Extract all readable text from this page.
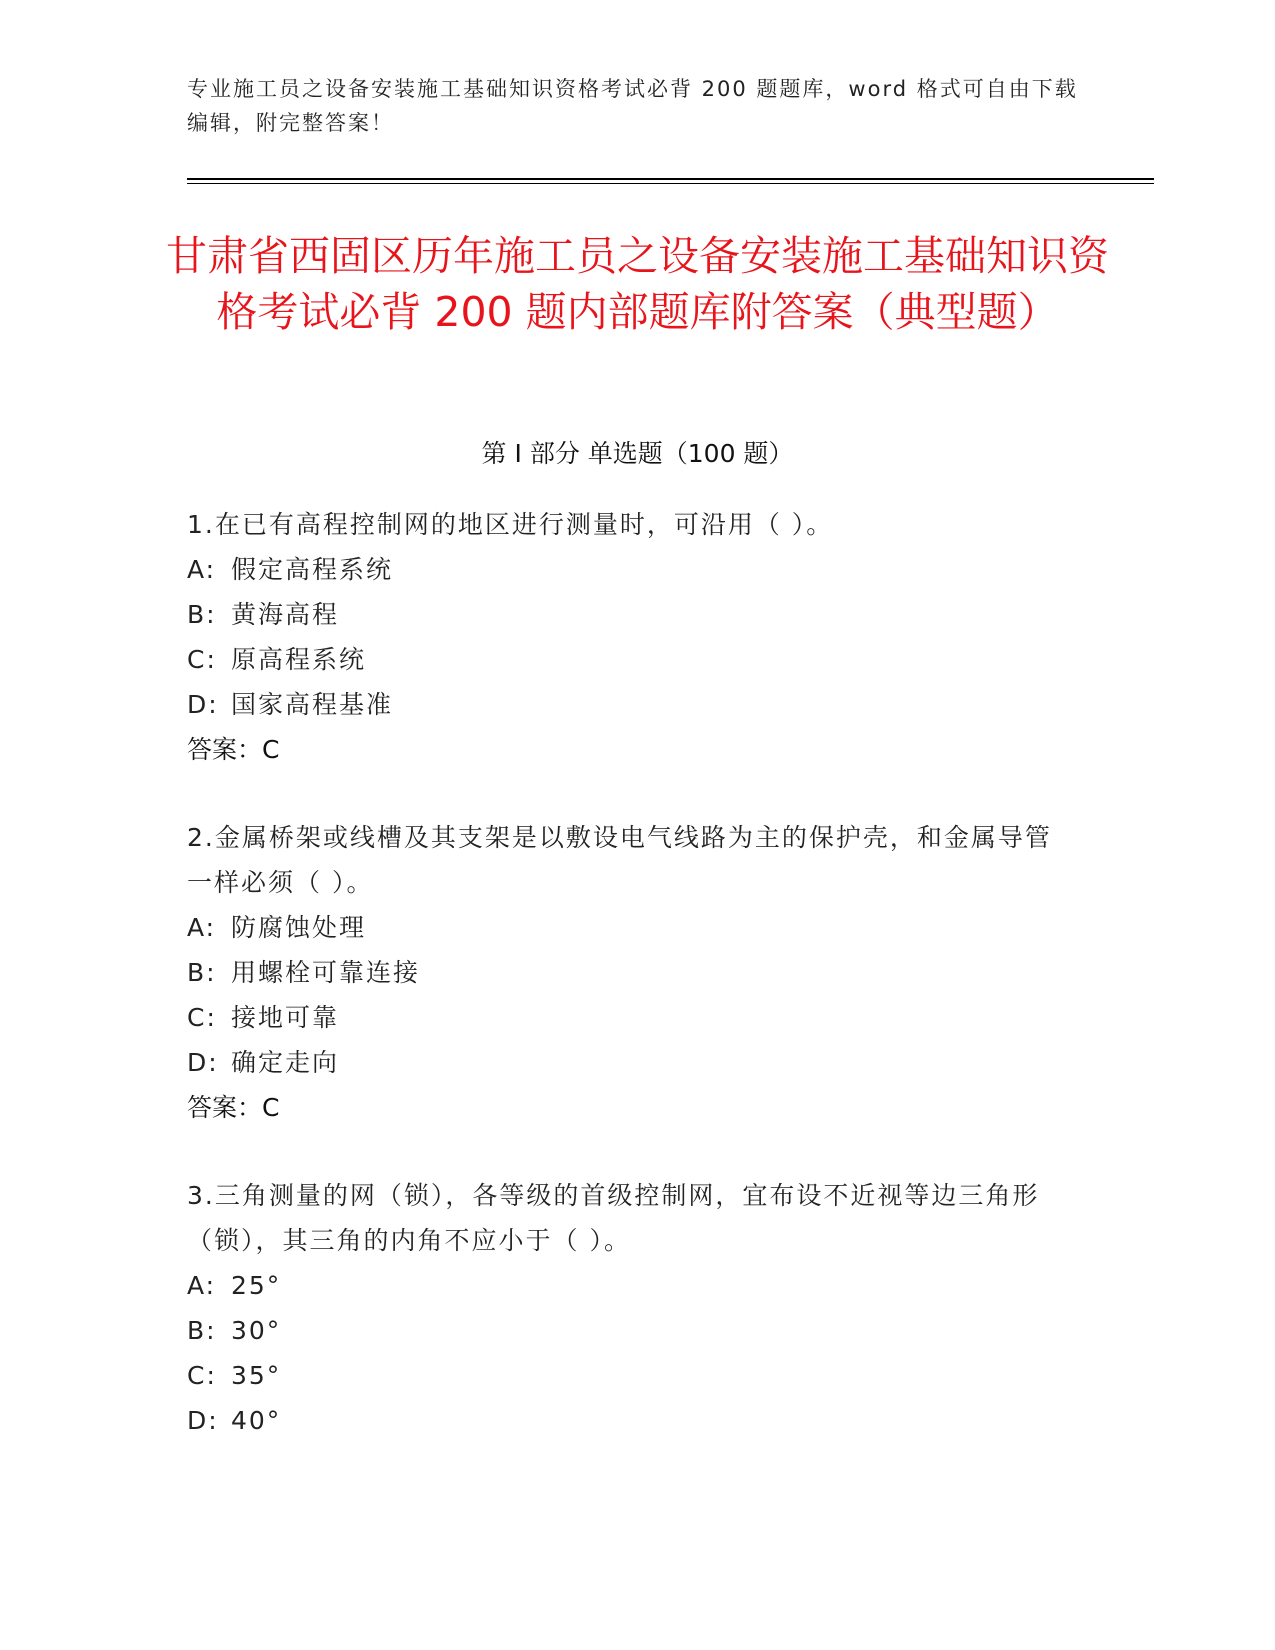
专业施工员之设备安装施工基础知识资格考试必背 200 题题库，word 格式可自由下载编辑，附完整答案！
甘肃省西固区历年施工员之设备安装施工基础知识资格考试必背 200 题内部题库附答案（典型题）
第 I 部分 单选题（100 题）
1.在已有高程控制网的地区进行测量时，可沿用（ ）。
A: 假定高程系统
B: 黄海高程
C: 原高程系统
D: 国家高程基准
答案：C
2.金属桥架或线槽及其支架是以敷设电气线路为主的保护壳，和金属导管一样必须（ ）。
A: 防腐蚀处理
B: 用螺栓可靠连接
C: 接地可靠
D: 确定走向
答案：C
3.三角测量的网（锁），各等级的首级控制网，宜布设不近视等边三角形（锁），其三角的内角不应小于（ ）。
A: 25°
B: 30°
C: 35°
D: 40°
